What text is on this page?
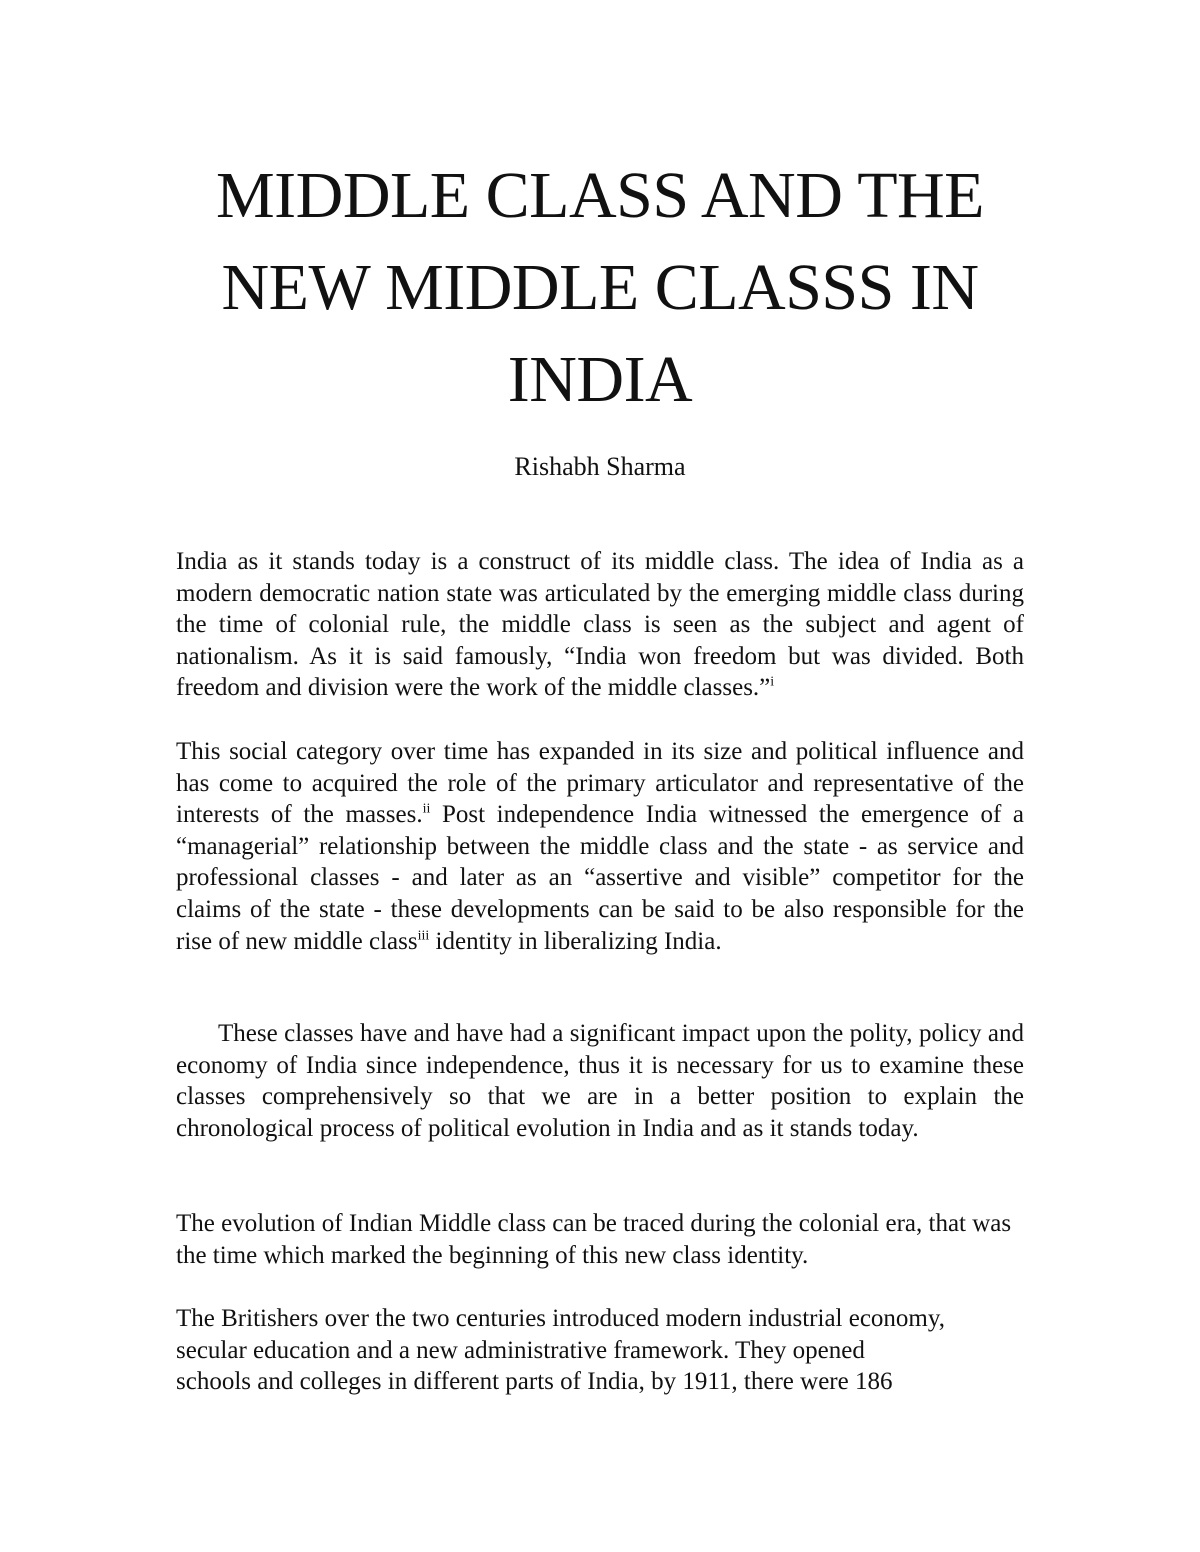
MIDDLE CLASS AND THE
NEW MIDDLE CLASSS IN
INDIA

Rishabh Sharma

India as it stands today is a construct of its middle class. The idea of India as a modern democratic nation state was articulated by the emerging middle class during the time of colonial rule, the middle class is seen as the subject and agent of nationalism. As it is said famously, “India won freedom but was divided. Both freedom and division were the work of the middle classes.”$^i$

This social category over time has expanded in its size and political influence and has come to acquired the role of the primary articulator and representative of the interests of the masses.$^{ii}$ Post independence India witnessed the emergence of a “managerial” relationship between the middle class and the state - as service and professional classes - and later as an “assertive and visible” competitor for the claims of the state - these developments can be said to be also responsible for the rise of new middle class$^{iii}$ identity in liberalizing India.

These classes have and have had a significant impact upon the polity, policy and economy of India since independence, thus it is necessary for us to examine these classes comprehensively so that we are in a better position to explain the chronological process of political evolution in India and as it stands today.

The evolution of Indian Middle class can be traced during the colonial era, that was the time which marked the beginning of this new class identity.

The Britishers over the two centuries introduced modern industrial economy,
secular education and a new administrative framework. They opened
schools and colleges in different parts of India, by 1911, there were 186
